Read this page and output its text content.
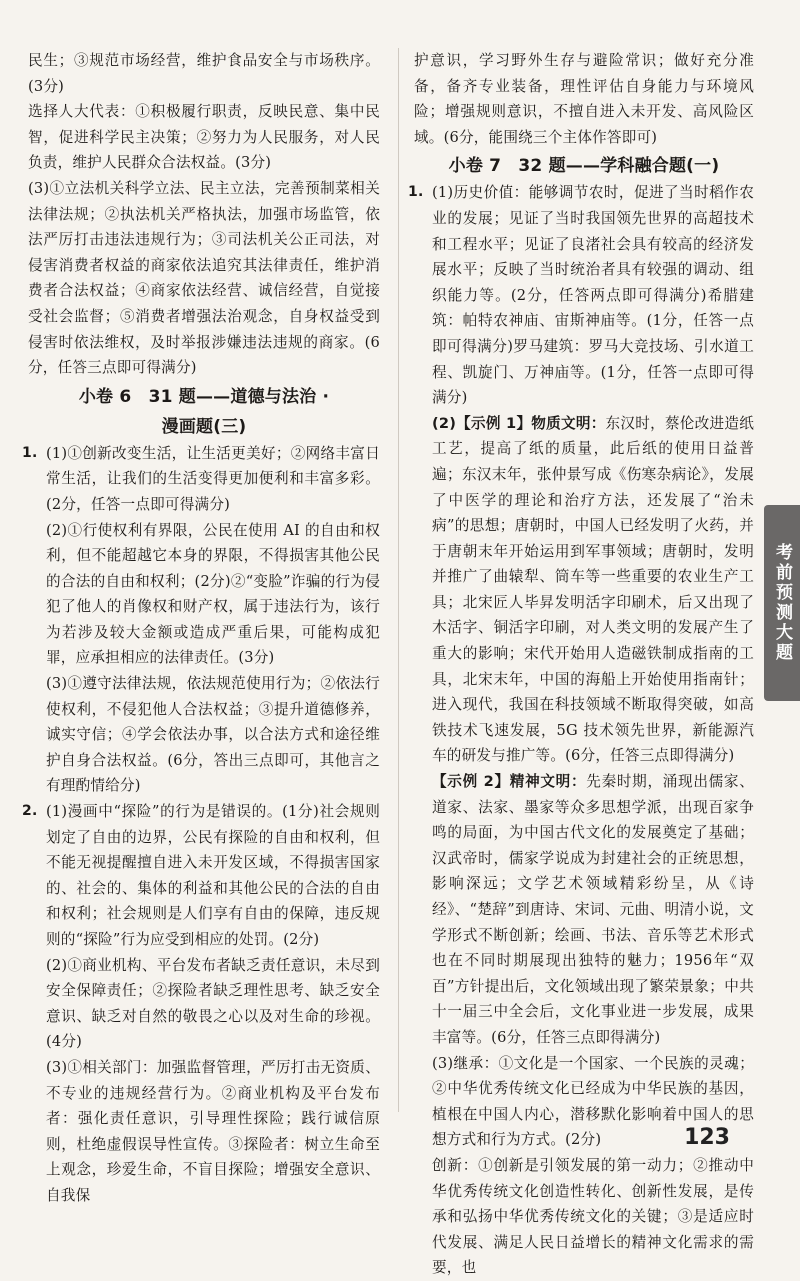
民生；③规范市场经营，维护食品安全与市场秩序。(3分)

选择人大代表：①积极履行职责，反映民意、集中民智，促进科学民主决策；②努力为人民服务，对人民负责，维护人民群众合法权益。(3分)

(3)①立法机关科学立法、民主立法，完善预制菜相关法律法规；②执法机关严格执法，加强市场监管，依法严厉打击违法违规行为；③司法机关公正司法，对侵害消费者权益的商家依法追究其法律责任，维护消费者合法权益；④商家依法经营、诚信经营，自觉接受社会监督；⑤消费者增强法治观念，自身权益受到侵害时依法维权，及时举报涉嫌违法违规的商家。(6分，任答三点即可得满分)

小卷 6　31 题——道德与法治 ·
漫画题(三)
1. (1)①创新改变生活，让生活更美好；②网络丰富日常生活，让我们的生活变得更加便利和丰富多彩。(2分，任答一点即可得满分)

(2)①行使权利有界限，公民在使用 AI 的自由和权利，但不能超越它本身的界限，不得损害其他公民的合法的自由和权利；(2分)②“变脸”诈骗的行为侵犯了他人的肖像权和财产权，属于违法行为，该行为若涉及较大金额或造成严重后果，可能构成犯罪，应承担相应的法律责任。(3分)

(3)①遵守法律法规，依法规范使用行为；②依法行使权利，不侵犯他人合法权益；③提升道德修养，诚实守信；④学会依法办事，以合法方式和途径维护自身合法权益。(6分，答出三点即可，其他言之有理酌情给分)

2. (1)漫画中“探险”的行为是错误的。(1分)社会规则划定了自由的边界，公民有探险的自由和权利，但不能无视提醒擅自进入未开发区域，不得损害国家的、社会的、集体的利益和其他公民的合法的自由和权利；社会规则是人们享有自由的保障，违反规则的“探险”行为应受到相应的处罚。(2分)

(2)①商业机构、平台发布者缺乏责任意识，未尽到安全保障责任；②探险者缺乏理性思考、缺乏安全意识、缺乏对自然的敬畏之心以及对生命的珍视。(4分)

(3)①相关部门：加强监督管理，严厉打击无资质、不专业的违规经营行为。②商业机构及平台发布者：强化责任意识，引导理性探险；践行诚信原则，杜绝虚假误导性宣传。③探险者：树立生命至上观念，珍爱生命，不盲目探险；增强安全意识、自我保

护意识，学习野外生存与避险常识；做好充分准备，备齐专业装备，理性评估自身能力与环境风险；增强规则意识，不擅自进入未开发、高风险区域。(6分，能围绕三个主体作答即可)

小卷 7　32 题——学科融合题(一)
1. (1)历史价值：能够调节农时，促进了当时稻作农业的发展；见证了当时我国领先世界的高超技术和工程水平；见证了良渚社会具有较高的经济发展水平；反映了当时统治者具有较强的调动、组织能力等。(2分，任答两点即可得满分)希腊建筑：帕特农神庙、宙斯神庙等。(1分，任答一点即可得满分)罗马建筑：罗马大竞技场、引水道工程、凯旋门、万神庙等。(1分，任答一点即可得满分)

(2)【示例 1】物质文明：东汉时，蔡伦改进造纸工艺，提高了纸的质量，此后纸的使用日益普遍；东汉末年，张仲景写成《伤寒杂病论》，发展了中医学的理论和治疗方法，还发展了“治未病”的思想；唐朝时，中国人已经发明了火药，并于唐朝末年开始运用到军事领域；唐朝时，发明并推广了曲辕犁、筒车等一些重要的农业生产工具；北宋匠人毕昇发明活字印刷术，后又出现了木活字、铜活字印刷，对人类文明的发展产生了重大的影响；宋代开始用人造磁铁制成指南的工具，北宋末年，中国的海船上开始使用指南针；进入现代，我国在科技领域不断取得突破，如高铁技术飞速发展，5G 技术领先世界，新能源汽车的研发与推广等。(6分，任答三点即得满分)

【示例 2】精神文明：先秦时期，涌现出儒家、道家、法家、墨家等众多思想学派，出现百家争鸣的局面，为中国古代文化的发展奠定了基础；汉武帝时，儒家学说成为封建社会的正统思想，影响深远；文学艺术领域精彩纷呈，从《诗经》、“楚辞”到唐诗、宋词、元曲、明清小说，文学形式不断创新；绘画、书法、音乐等艺术形式也在不同时期展现出独特的魅力；1956年“双百”方针提出后，文化领域出现了繁荣景象；中共十一届三中全会后，文化事业进一步发展，成果丰富等。(6分，任答三点即得满分)

(3)继承：①文化是一个国家、一个民族的灵魂；②中华优秀传统文化已经成为中华民族的基因，植根在中国人内心，潜移默化影响着中国人的思想方式和行为方式。(2分)

创新：①创新是引领发展的第一动力；②推动中华优秀传统文化创造性转化、创新性发展，是传承和弘扬中华优秀传统文化的关键；③是适应时代发展、满足人民日益增长的精神文化需求的需要，也

考前预测大题
123
